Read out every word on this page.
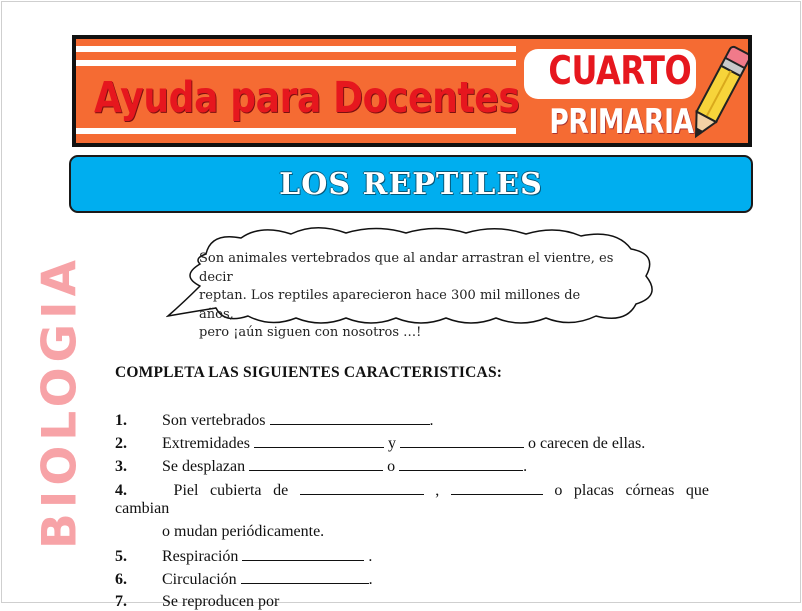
Ayuda para Docentes
CUARTO
PRIMARIA
LOS REPTILES
BIOLOGIA	Son animales vertebrados que al andar arrastran el vientre, es decir
reptan. Los reptiles aparecieron hace 300 mil millones de años,
pero ¡aún siguen con nosotros …!
COMPLETA LAS SIGUIENTES CARACTERISTICAS:
1. Son vertebrados	.
2. Extremidades	y	o carecen de ellas.
3. Se desplazan	o	.
4.	Piel cubierta de	,	o placas córneas que
cambian
o mudan periódicamente.
5. Respiración	.
6. Circulación	.
7. Se reproducen por
